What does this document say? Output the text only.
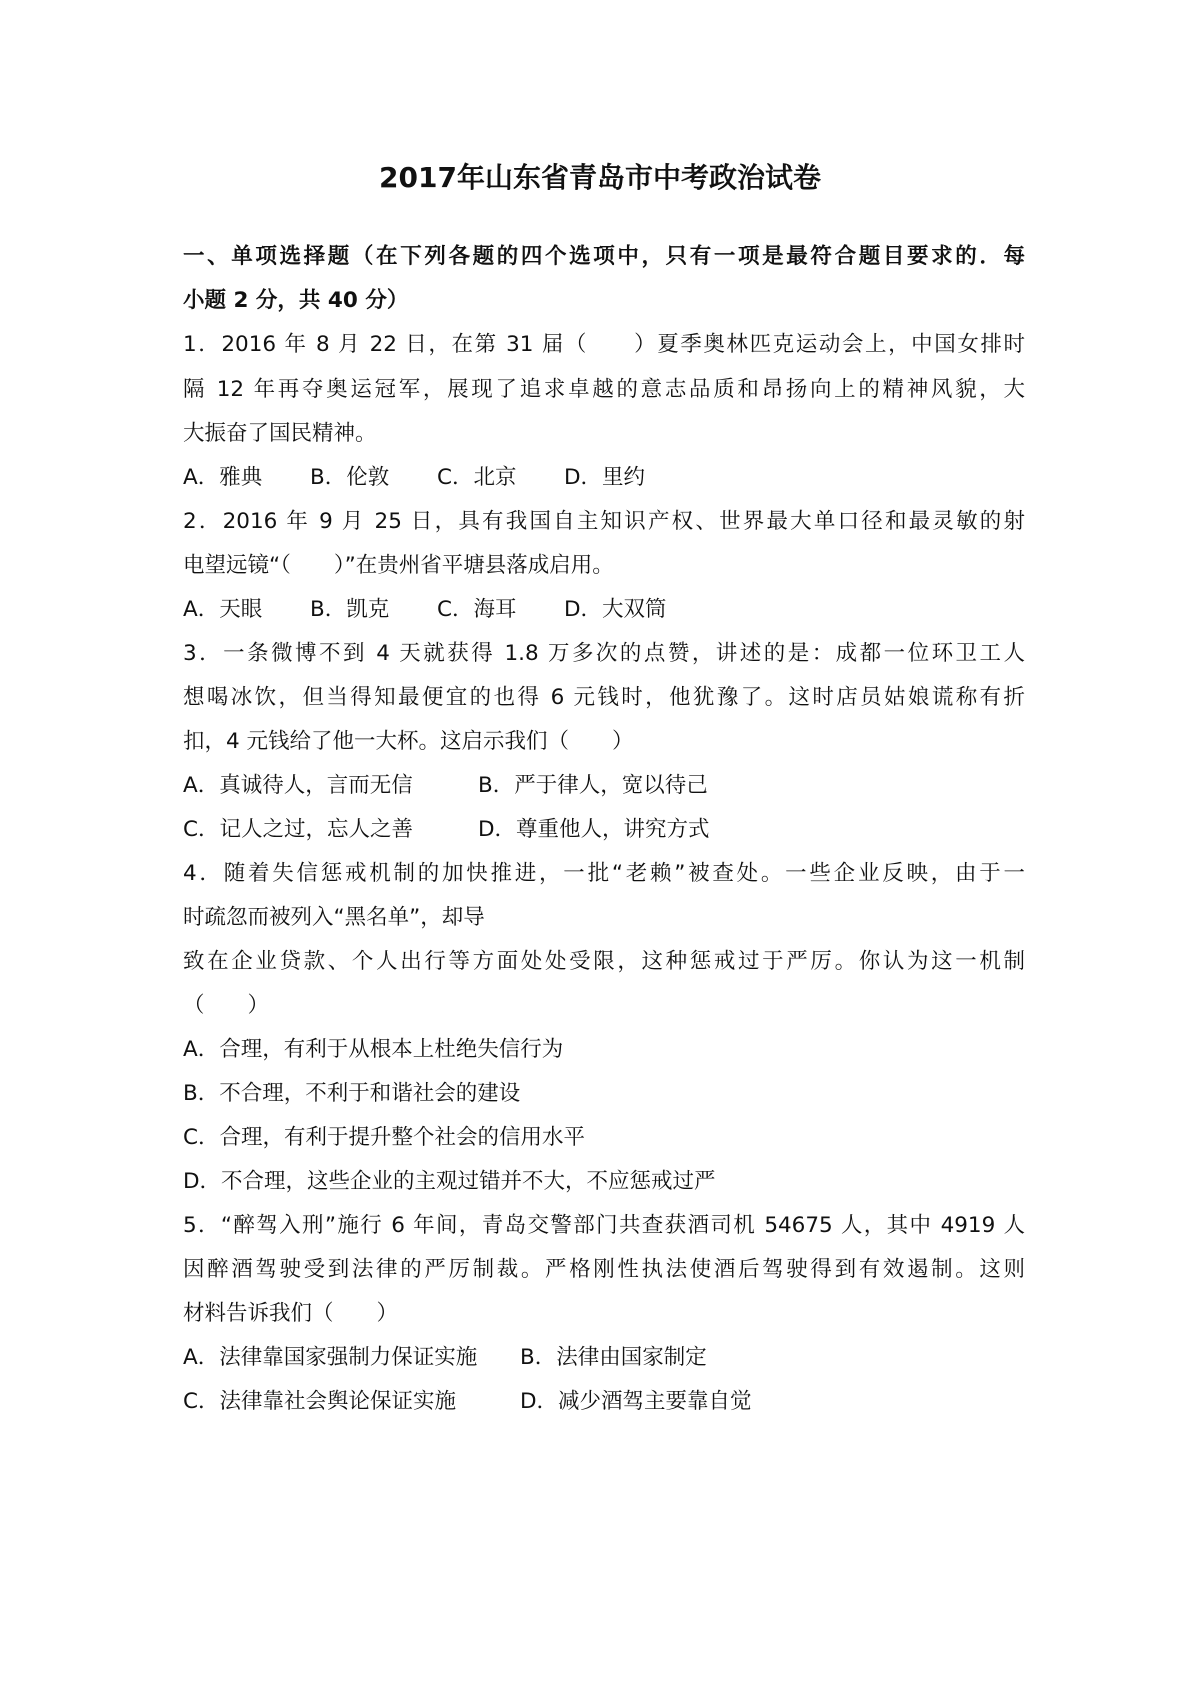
2017年山东省青岛市中考政治试卷
一、单项选择题（在下列各题的四个选项中，只有一项是最符合题目要求的．每
小题 2 分，共 40 分）
1．2016 年 8 月 22 日，在第 31 届（　　）夏季奥林匹克运动会上，中国女排时
隔 12 年再夺奥运冠军，展现了追求卓越的意志品质和昂扬向上的精神风貌，大
大振奋了国民精神。
A．雅典 B．伦敦 C．北京 D．里约
2．2016 年 9 月 25 日，具有我国自主知识产权、世界最大单口径和最灵敏的射
电望远镜“（　　）”在贵州省平塘县落成启用。
A．天眼 B．凯克 C．海耳 D．大双筒
3．一条微博不到 4 天就获得 1.8 万多次的点赞，讲述的是：成都一位环卫工人
想喝冰饮，但当得知最便宜的也得 6 元钱时，他犹豫了。这时店员姑娘谎称有折
扣，4 元钱给了他一大杯。这启示我们（　　）
A．真诚待人，言而无信	B．严于律人，宽以待己
C．记人之过，忘人之善	D．尊重他人，讲究方式
4．随着失信惩戒机制的加快推进，一批“老赖”被查处。一些企业反映，由于一
时疏忽而被列入“黑名单”，却导
致在企业贷款、个人出行等方面处处受限，这种惩戒过于严厉。你认为这一机制
（　　）
A．合理，有利于从根本上杜绝失信行为
B．不合理，不利于和谐社会的建设
C．合理，有利于提升整个社会的信用水平
D．不合理，这些企业的主观过错并不大，不应惩戒过严
5．“醉驾入刑”施行 6 年间，青岛交警部门共查获酒司机 54675 人，其中 4919 人
因醉酒驾驶受到法律的严厉制裁。严格刚性执法使酒后驾驶得到有效遏制。这则
材料告诉我们（　　）
A．法律靠国家强制力保证实施 B．法律由国家制定
C．法律靠社会舆论保证实施	D．减少酒驾主要靠自觉
